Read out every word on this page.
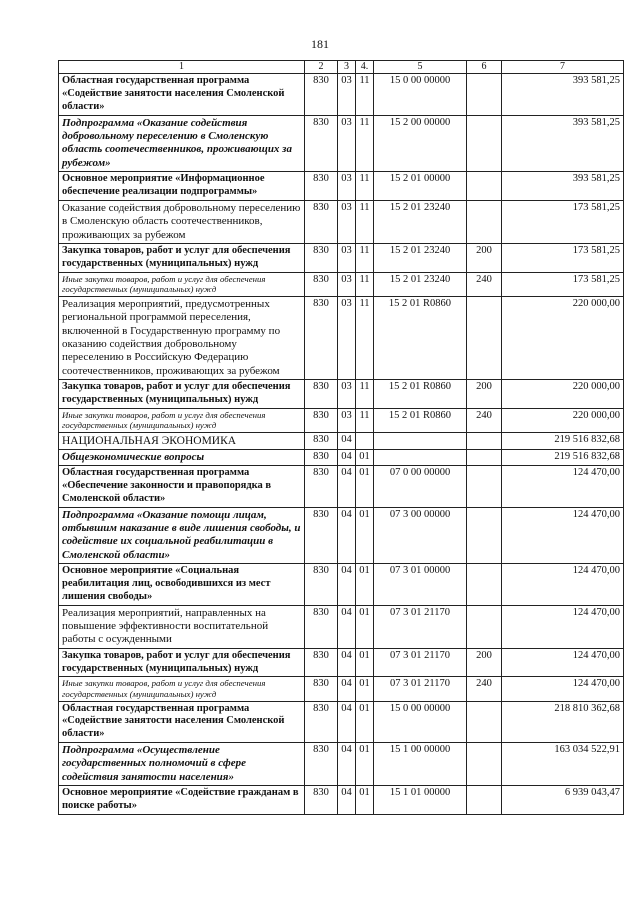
181
1	2	3	4.	5	6	7
Областная государственная программа «Содействие занятости населения Смоленской области»	830	03	11	15 0 00 00000		393 581,25
Подпрограмма «Оказание содействия добровольному переселению в Смоленскую область соотечественников, проживающих за рубежом»	830	03	11	15 2 00 00000		393 581,25
Основное мероприятие «Информационное обеспечение реализации подпрограммы»	830	03	11	15 2 01 00000		393 581,25
Оказание содействия добровольному переселению в Смоленскую область соотечественников, проживающих за рубежом	830	03	11	15 2 01 23240		173 581,25
Закупка товаров, работ и услуг для обеспечения государственных (муниципальных) нужд	830	03	11	15 2 01 23240	200	173 581,25
Иные закупки товаров, работ и услуг для обеспечения государственных (муниципальных) нужд	830	03	11	15 2 01 23240	240	173 581,25
Реализация мероприятий, предусмотренных региональной программой переселения, включенной в Государственную программу по оказанию содействия добровольному переселению в Российскую Федерацию соотечественников, проживающих за рубежом	830	03	11	15 2 01 R0860		220 000,00
Закупка товаров, работ и услуг для обеспечения государственных (муниципальных) нужд	830	03	11	15 2 01 R0860	200	220 000,00
Иные закупки товаров, работ и услуг для обеспечения государственных (муниципальных) нужд	830	03	11	15 2 01 R0860	240	220 000,00
НАЦИОНАЛЬНАЯ ЭКОНОМИКА	830	04				219 516 832,68
Общеэкономические вопросы	830	04	01			219 516 832,68
Областная государственная программа «Обеспечение законности и правопорядка в Смоленской области»	830	04	01	07 0 00 00000		124 470,00
Подпрограмма «Оказание помощи лицам, отбывшим наказание в виде лишения свободы, и содействие их социальной реабилитации в Смоленской области»	830	04	01	07 3 00 00000		124 470,00
Основное мероприятие «Социальная реабилитация лиц, освободившихся из мест лишения свободы»	830	04	01	07 3 01 00000		124 470,00
Реализация мероприятий, направленных на повышение эффективности воспитательной работы с осужденными	830	04	01	07 3 01 21170		124 470,00
Закупка товаров, работ и услуг для обеспечения государственных (муниципальных) нужд	830	04	01	07 3 01 21170	200	124 470,00
Иные закупки товаров, работ и услуг для обеспечения государственных (муниципальных) нужд	830	04	01	07 3 01 21170	240	124 470,00
Областная государственная программа «Содействие занятости населения Смоленской области»	830	04	01	15 0 00 00000		218 810 362,68
Подпрограмма «Осуществление государственных полномочий в сфере содействия занятости населения»	830	04	01	15 1 00 00000		163 034 522,91
Основное мероприятие «Содействие гражданам в поиске работы»	830	04	01	15 1 01 00000		6 939 043,47
